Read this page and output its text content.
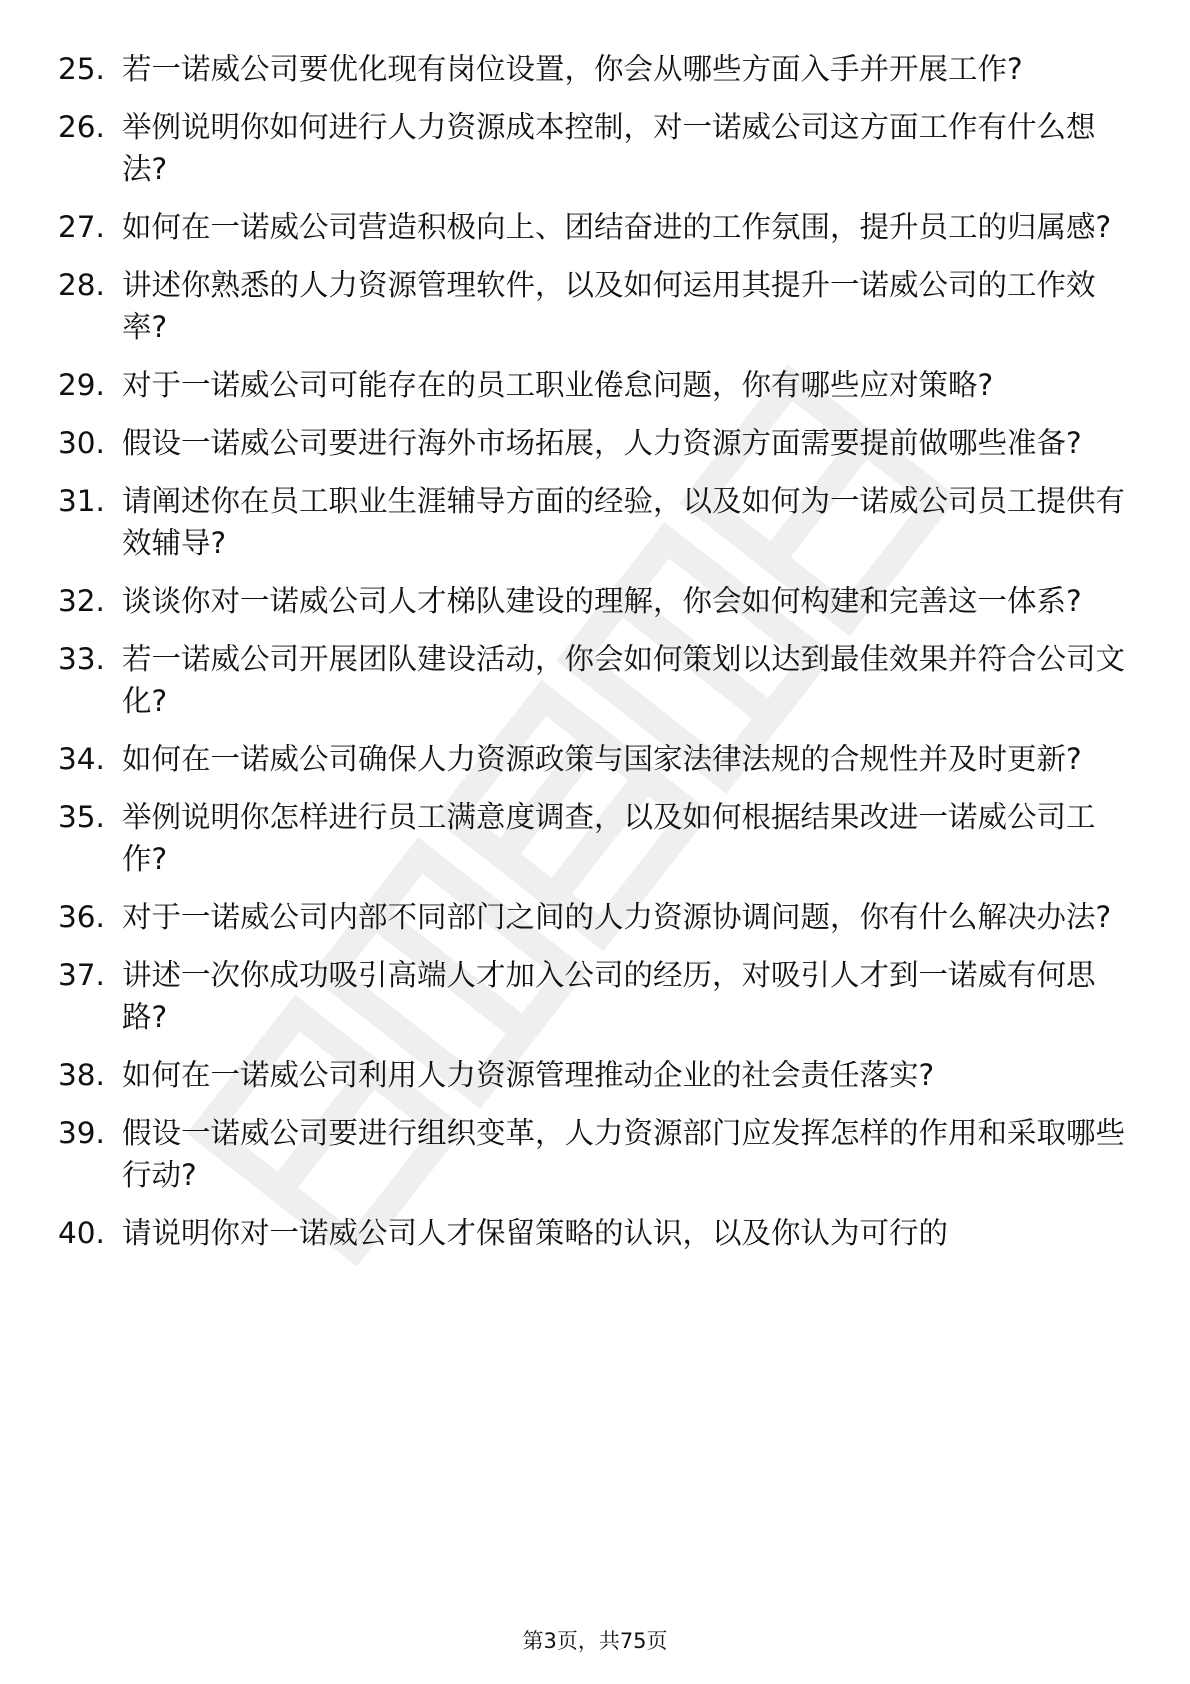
25. 若一诺威公司要优化现有岗位设置，你会从哪些方面入手并开展工作?
26. 举例说明你如何进行人力资源成本控制，对一诺威公司这方面工作有什么想法?
27. 如何在一诺威公司营造积极向上、团结奋进的工作氛围，提升员工的归属感?
28. 讲述你熟悉的人力资源管理软件，以及如何运用其提升一诺威公司的工作效率?
29. 对于一诺威公司可能存在的员工职业倦怠问题，你有哪些应对策略?
30. 假设一诺威公司要进行海外市场拓展，人力资源方面需要提前做哪些准备?
31. 请阐述你在员工职业生涯辅导方面的经验，以及如何为一诺威公司员工提供有效辅导?
32. 谈谈你对一诺威公司人才梯队建设的理解，你会如何构建和完善这一体系?
33. 若一诺威公司开展团队建设活动，你会如何策划以达到最佳效果并符合公司文化?
34. 如何在一诺威公司确保人力资源政策与国家法律法规的合规性并及时更新?
35. 举例说明你怎样进行员工满意度调查，以及如何根据结果改进一诺威公司工作?
36. 对于一诺威公司内部不同部门之间的人力资源协调问题，你有什么解决办法?
37. 讲述一次你成功吸引高端人才加入公司的经历，对吸引人才到一诺威有何思路?
38. 如何在一诺威公司利用人力资源管理推动企业的社会责任落实?
39. 假设一诺威公司要进行组织变革，人力资源部门应发挥怎样的作用和采取哪些行动?
40. 请说明你对一诺威公司人才保留策略的认识，以及你认为可行的
第3页，共75页
